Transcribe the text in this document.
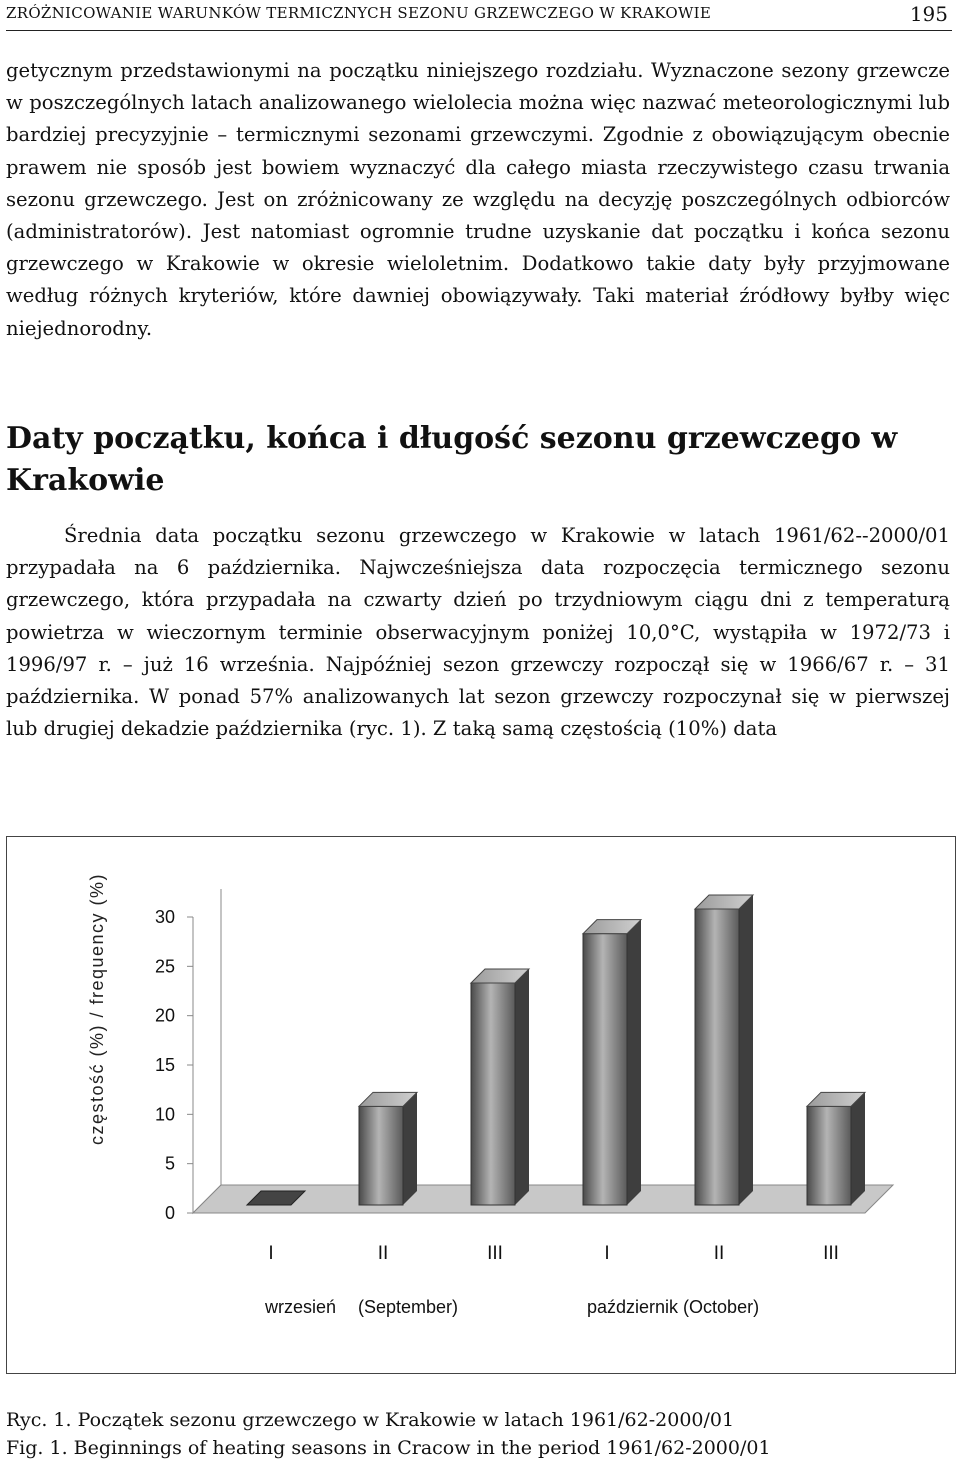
ZRÓŻNICOWANIE WARUNKÓW TERMICZNYCH SEZONU GRZEWCZEGO W KRAKOWIE	195

getycznym przedstawionymi na początku niniejszego rozdziału. Wyznaczone sezony grzewcze w poszczególnych latach analizowanego wielolecia można więc nazwać meteorologicznymi lub bardziej precyzyjnie – termicznymi sezonami grzewczymi. Zgodnie z obowiązującym obecnie prawem nie sposób jest bowiem wyznaczyć dla całego miasta rzeczywistego czasu trwania sezonu grzewczego. Jest on zróżnicowany ze względu na decyzję poszczególnych odbiorców (administratorów). Jest natomiast ogromnie trudne uzyskanie dat początku i końca sezonu grzewczego w Krakowie w okresie wieloletnim. Dodatkowo takie daty były przyjmowane według różnych kryteriów, które dawniej obowiązywały. Taki materiał źródłowy byłby więc niejednorodny.

Daty początku, końca i długość sezonu grzewczego w Krakowie

Średnia data początku sezonu grzewczego w Krakowie w latach 1961/62--2000/01 przypadała na 6 października. Najwcześniejsza data rozpoczęcia termicznego sezonu grzewczego, która przypadała na czwarty dzień po trzydniowym ciągu dni z temperaturą powietrza w wieczornym terminie obserwacyjnym poniżej 10,0°C, wystąpiła w 1972/73 i 1996/97 r. – już 16 września. Najpóźniej sezon grzewczy rozpoczął się w 1966/67 r. – 31 października. W ponad 57% analizowanych lat sezon grzewczy rozpoczynał się w pierwszej lub drugiej dekadzie października (ryc. 1). Z taką samą częstością (10%) data

częstość (%) / frequency (%)
0
5
10
15
20
25
30
I	II	III	I	II	III
wrzesień (September)	październik (October)

Ryc. 1. Początek sezonu grzewczego w Krakowie w latach 1961/62-2000/01

Fig. 1. Beginnings of heating seasons in Cracow in the period 1961/62-2000/01
